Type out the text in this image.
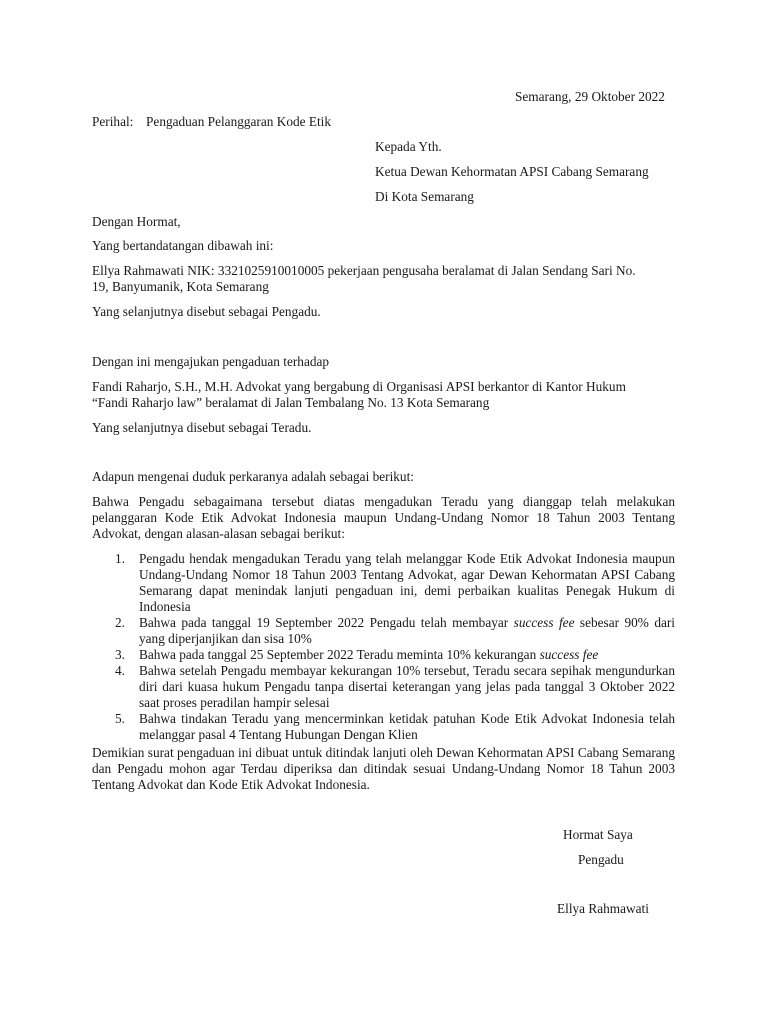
Semarang, 29 Oktober 2022
Perihal: Pengaduan Pelanggaran Kode Etik
Kepada Yth.
Ketua Dewan Kehormatan APSI Cabang Semarang
Di Kota Semarang
Dengan Hormat,
Yang bertandatangan dibawah ini:
Ellya Rahmawati NIK: 3321025910010005 pekerjaan pengusaha beralamat di Jalan Sendang Sari No.
19, Banyumanik, Kota Semarang
Yang selanjutnya disebut sebagai Pengadu.
Dengan ini mengajukan pengaduan terhadap
Fandi Raharjo, S.H., M.H. Advokat yang bergabung di Organisasi APSI berkantor di Kantor Hukum
“Fandi Raharjo law” beralamat di Jalan Tembalang No. 13 Kota Semarang
Yang selanjutnya disebut sebagai Teradu.
Adapun mengenai duduk perkaranya adalah sebagai berikut:
Bahwa Pengadu sebagaimana tersebut diatas mengadukan Teradu yang dianggap telah melakukan pelanggaran Kode Etik Advokat Indonesia maupun Undang-Undang Nomor 18 Tahun 2003 Tentang Advokat, dengan alasan-alasan sebagai berikut:
1. Pengadu hendak mengadukan Teradu yang telah melanggar Kode Etik Advokat Indonesia maupun Undang-Undang Nomor 18 Tahun 2003 Tentang Advokat, agar Dewan Kehormatan APSI Cabang Semarang dapat menindak lanjuti pengaduan ini, demi perbaikan kualitas Penegak Hukum di Indonesia
2. Bahwa pada tanggal 19 September 2022 Pengadu telah membayar success fee sebesar 90% dari yang diperjanjikan dan sisa 10%
3. Bahwa pada tanggal 25 September 2022 Teradu meminta 10% kekurangan success fee
4. Bahwa setelah Pengadu membayar kekurangan 10% tersebut, Teradu secara sepihak mengundurkan diri dari kuasa hukum Pengadu tanpa disertai keterangan yang jelas pada tanggal 3 Oktober 2022 saat proses peradilan hampir selesai
5. Bahwa tindakan Teradu yang mencerminkan ketidak patuhan Kode Etik Advokat Indonesia telah melanggar pasal 4 Tentang Hubungan Dengan Klien
Demikian surat pengaduan ini dibuat untuk ditindak lanjuti oleh Dewan Kehormatan APSI Cabang Semarang dan Pengadu mohon agar Terdau diperiksa dan ditindak sesuai Undang-Undang Nomor 18 Tahun 2003 Tentang Advokat dan Kode Etik Advokat Indonesia.
Hormat Saya
Pengadu
Ellya Rahmawati
